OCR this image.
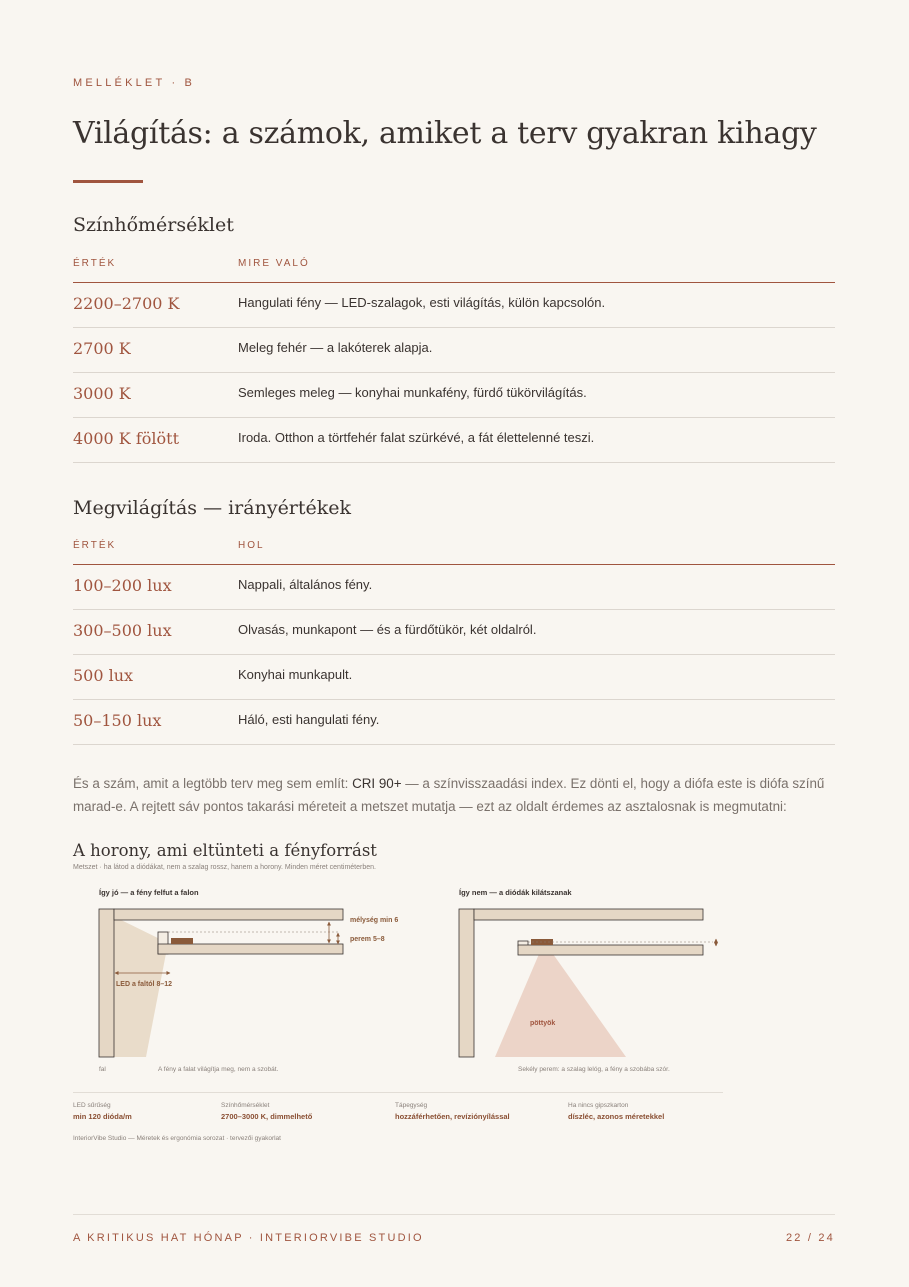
MELLÉKLET · B
Világítás: a számok, amiket a terv gyakran kihagy
Színhőmérséklet
ÉRTÉK	MIRE VALÓ
2200–2700 K	Hangulati fény — LED-szalagok, esti világítás, külön kapcsolón.
2700 K	Meleg fehér — a lakóterek alapja.
3000 K	Semleges meleg — konyhai munkafény, fürdő tükörvilágítás.
4000 K fölött	Iroda. Otthon a törtfehér falat szürkévé, a fát élettelenné teszi.
Megvilágítás — irányértékek
ÉRTÉK	HOL
100–200 lux	Nappali, általános fény.
300–500 lux	Olvasás, munkapont — és a fürdőtükör, két oldalról.
500 lux	Konyhai munkapult.
50–150 lux	Háló, esti hangulati fény.

És a szám, amit a legtöbb terv meg sem említ: CRI 90+ — a színvisszaadási index. Ez dönti el, hogy a diófa este is diófa színű marad-e. A rejtett sáv pontos takarási méreteit a metszet mutatja — ezt az oldalt érdemes az asztalosnak is megmutatni:

A horony, ami eltünteti a fényforrást
Metszet · ha látod a diódákat, nem a szalag rossz, hanem a horony. Minden méret centiméterben.
Így jó — a fény felfut a falon
mélység min 6
perem 5–8
LED a faltól 8–12
fal	A fény a falat világítja meg, nem a szobát.
Így nem — a diódák kilátszanak
pöttyök
Sekély perem: a szalag lelóg, a fény a szobába szór.
LED sűrűség
min 120 dióda/m
Színhőmérséklet
2700–3000 K, dimmelhető
Tápegység
hozzáférhetően, revíziónyílással
Ha nincs gipszkarton
díszléc, azonos méretekkel
InteriorVibe Studio — Méretek és ergonómia sorozat · tervezői gyakorlat
A KRITIKUS HAT HÓNAP · INTERIORVIBE STUDIO	22 / 24
